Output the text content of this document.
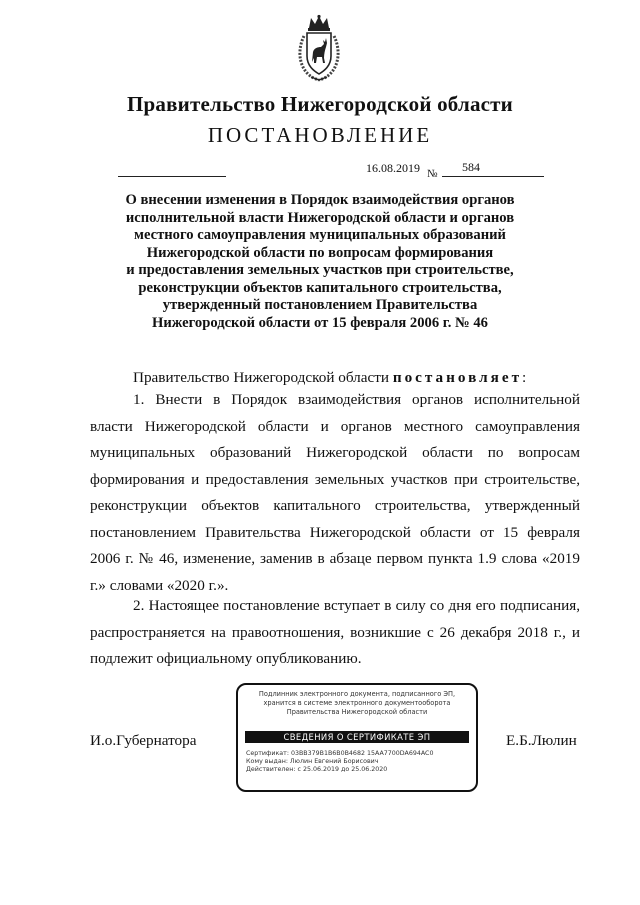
Правительство Нижегородской области
ПОСТАНОВЛЕНИЕ
16.08.2019 № 584
О внесении изменения в Порядок взаимодействия органов
исполнительной власти Нижегородской области и органов
местного самоуправления муниципальных образований
Нижегородской области по вопросам формирования
и предоставления земельных участков при строительстве,
реконструкции объектов капитального строительства,
утвержденный постановлением Правительства
Нижегородской области от 15 февраля 2006 г. № 46
Правительство Нижегородской области постановляет:
1. Внести в Порядок взаимодействия органов исполнительной власти Нижегородской области и органов местного самоуправления муниципальных образований Нижегородской области по вопросам формирования и предоставления земельных участков при строительстве, реконструкции объектов капитального строительства, утвержденный постановлением Правительства Нижегородской области от 15 февраля 2006 г. № 46, изменение, заменив в абзаце первом пункта 1.9 слова «2019 г.» словами «2020 г.».
2. Настоящее постановление вступает в силу со дня его подписания, распространяется на правоотношения, возникшие с 26 декабря 2018 г., и подлежит официальному опубликованию.
И.о.Губернатора
Подлинник электронного документа, подписанного ЭП,
хранится в системе электронного документооборота
Правительства Нижегородской области
СВЕДЕНИЯ О СЕРТИФИКАТЕ ЭП
Сертификат: 03BB379B1B6B0B4682 15AA7700DA694AC0
Кому выдан: Люлин Евгений Борисович
Действителен: с 25.06.2019 до 25.06.2020
Е.Б.Люлин
